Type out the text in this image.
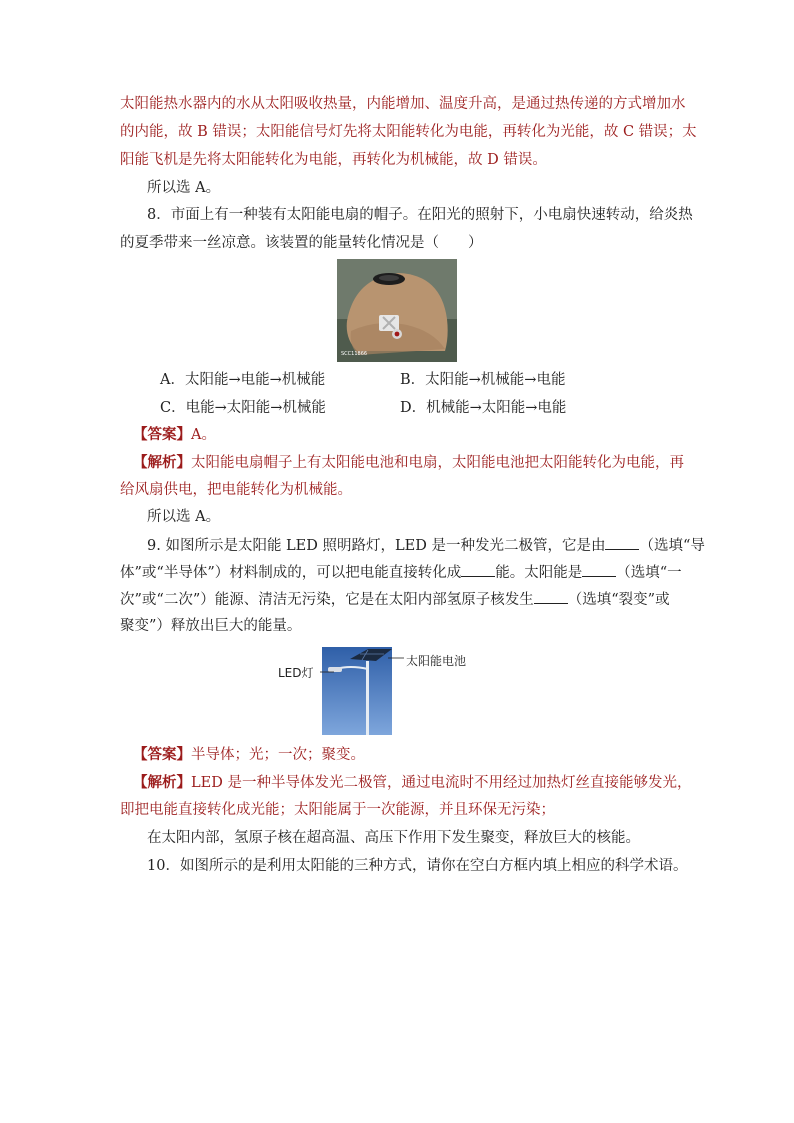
太阳能热水器内的水从太阳吸收热量，内能增加、温度升高，是通过热传递的方式增加水
的内能，故 B 错误；太阳能信号灯先将太阳能转化为电能，再转化为光能，故 C 错误；太
阳能飞机是先将太阳能转化为电能，再转化为机械能，故 D 错误。
所以选 A。
8．市面上有一种装有太阳能电扇的帽子。在阳光的照射下，小电扇快速转动，给炎热
的夏季带来一丝凉意。该装置的能量转化情况是（　　）
SCC11866
A．太阳能→电能→机械能	B．太阳能→机械能→电能
C．电能→太阳能→机械能	D．机械能→太阳能→电能
【答案】A。
【解析】太阳能电扇帽子上有太阳能电池和电扇，太阳能电池把太阳能转化为电能，再
给风扇供电，把电能转化为机械能。
所以选 A。
9. 如图所示是太阳能 LED 照明路灯，LED 是一种发光二极管，它是由 （选填“导
体”或“半导体”）材料制成的，可以把电能直接转化成 能。太阳能是 （选填“一
次”或“二次”）能源、清洁无污染，它是在太阳内部氢原子核发生 （选填“裂变”或
聚变”）释放出巨大的能量。
LED灯
太阳能电池
【答案】半导体；光；一次；聚变。
【解析】LED 是一种半导体发光二极管，通过电流时不用经过加热灯丝直接能够发光，
即把电能直接转化成光能；太阳能属于一次能源，并且环保无污染；
在太阳内部，氢原子核在超高温、高压下作用下发生聚变，释放巨大的核能。
10．如图所示的是利用太阳能的三种方式，请你在空白方框内填上相应的科学术语。
